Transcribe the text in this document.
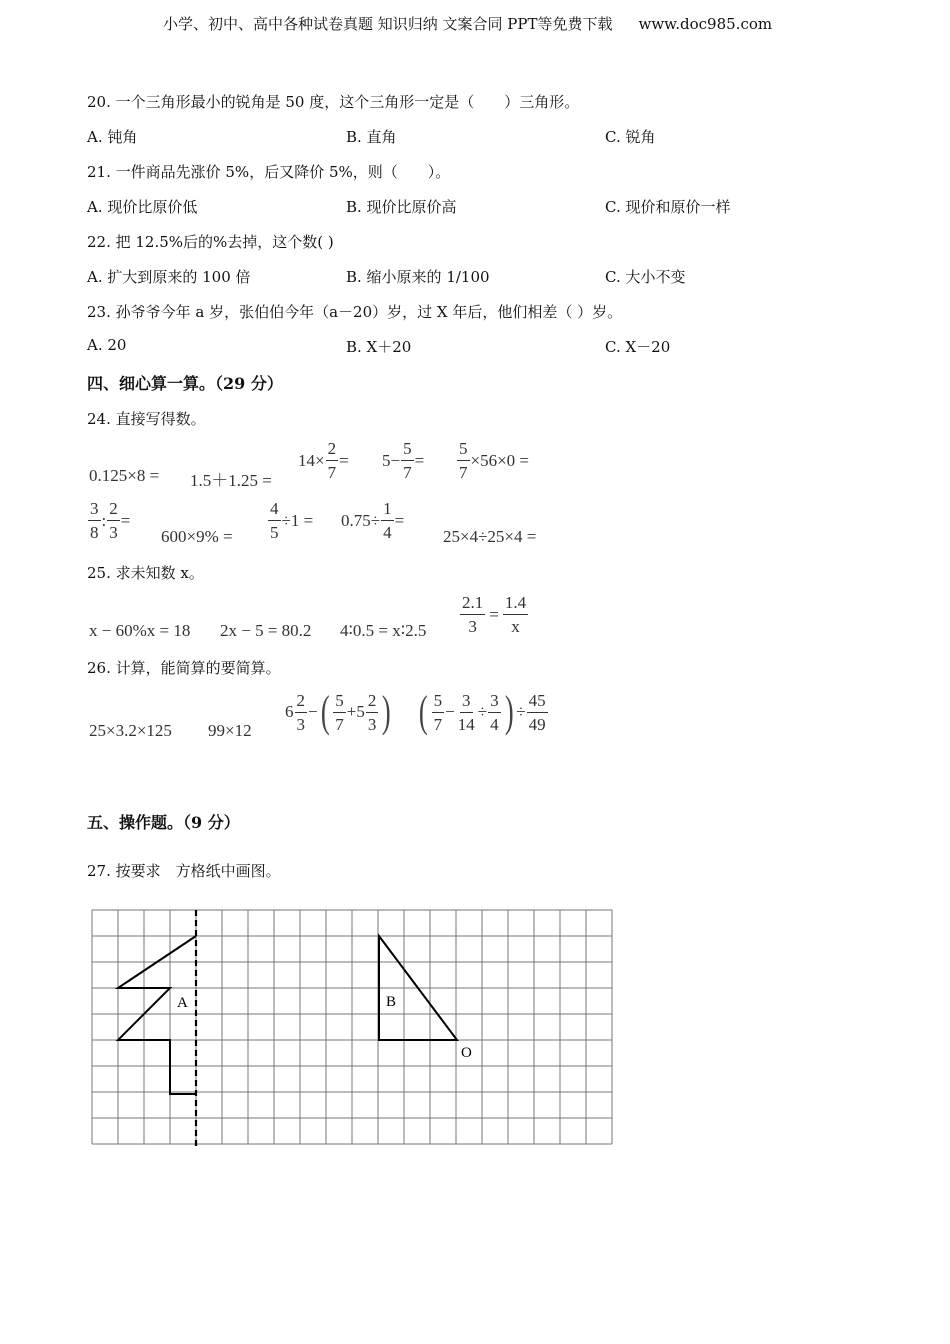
小学、初中、高中各种试卷真题 知识归纳 文案合同 PPT等免费下载 www.doc985.com
20. 一个三角形最小的锐角是 50 度，这个三角形一定是（　　）三角形。
A. 钝角	B. 直角	C. 锐角
21. 一件商品先涨价 5%，后又降价 5%，则（　　）。
A. 现价比原价低	B. 现价比原价高	C. 现价和原价一样
22. 把 12.5%后的%去掉，这个数( )
A. 扩大到原来的 100 倍	B. 缩小原来的 1/100	C. 大小不变
23. 孙爷爷今年 a 岁，张伯伯今年（a－20）岁，过 X 年后，他们相差（ ）岁。
A. 20	B. X＋20	C. X－20
四、细心算一算。（29 分）
24. 直接写得数。
0.125×8 = 1.5＋1.25 =
$14\times \frac{2}{7} = 5- \frac{5}{7} = \frac{5}{7} \times 56\times 0$ =
$\frac{3}{8}$ : $\frac{2}{3}$ =
$600\times 9\% = \frac{4}{5} \div 1 = 0.75\div \frac{1}{4}$ =
25×4÷25×4 =
25. 求未知数 x。
x − 60%x = 18 2x − 5 = 80.2 4∶0.5 = x∶2.5 $\frac{2.1}{3} = \frac{1.4}{x}$
26. 计算，能简算的要简算。
25×3.2×125 99×12
$6 \frac{2}{3}$ − ( $\frac{5}{7} +5 \frac{2}{3}$ ) ( $\frac{5}{7} - \frac{3}{14} \div \frac{3}{4}$ ) ÷ $\frac{45}{49}$
五、操作题。（9 分）
27. 按要求　方格纸中画图。
A	B
O
